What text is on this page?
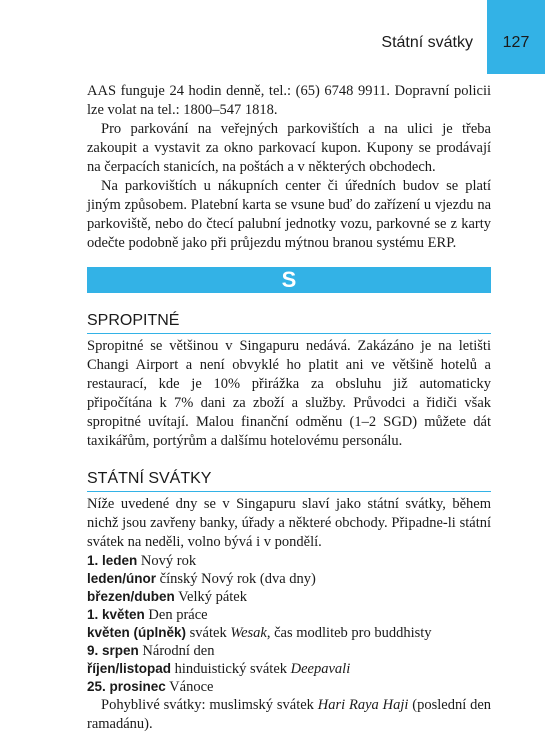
Státní svátky	127

AAS funguje 24 hodin denně, tel.: (65) 6748 9911. Dopravní policii lze volat na tel.: 1800–547 1818.

Pro parkování na veřejných parkovištích a na ulici je třeba zakoupit a vystavit za okno parkovací kupon. Kupony se prodávají na čerpacích stanicích, na poštách a v některých obchodech.

Na parkovištích u nákupních center či úředních budov se platí jiným způsobem. Platební karta se vsune buď do zařízení u vjezdu na parkoviště, nebo do čtecí palubní jednotky vozu, parkovné se z karty odečte podobně jako při průjezdu mýtnou branou systému ERP.

S
SPROPITNÉ

Spropitné se většinou v Singapuru nedává. Zakázáno je na letišti Changi Airport a není obvyklé ho platit ani ve většině hotelů a restaurací, kde je 10% přirážka za obsluhu již automaticky připočítána k 7% dani za zboží a služby. Průvodci a řidiči však spropitné uvítají. Malou finanční odměnu (1–2 SGD) můžete dát taxikářům, portýrům a dalšímu hotelovému personálu.

STÁTNÍ SVÁTKY

Níže uvedené dny se v Singapuru slaví jako státní svátky, během nichž jsou zavřeny banky, úřady a některé obchody. Připadne-li státní svátek na neděli, volno bývá i v pondělí.

1. leden Nový rok

leden/únor čínský Nový rok (dva dny)

březen/duben Velký pátek

1. květen Den práce

květen (úplněk) svátek Wesak, čas modliteb pro buddhisty

9. srpen Národní den

říjen/listopad hinduistický svátek Deepavali

25. prosinec Vánoce

Pohyblivé svátky: muslimský svátek Hari Raya Haji (poslední den ramadánu).
